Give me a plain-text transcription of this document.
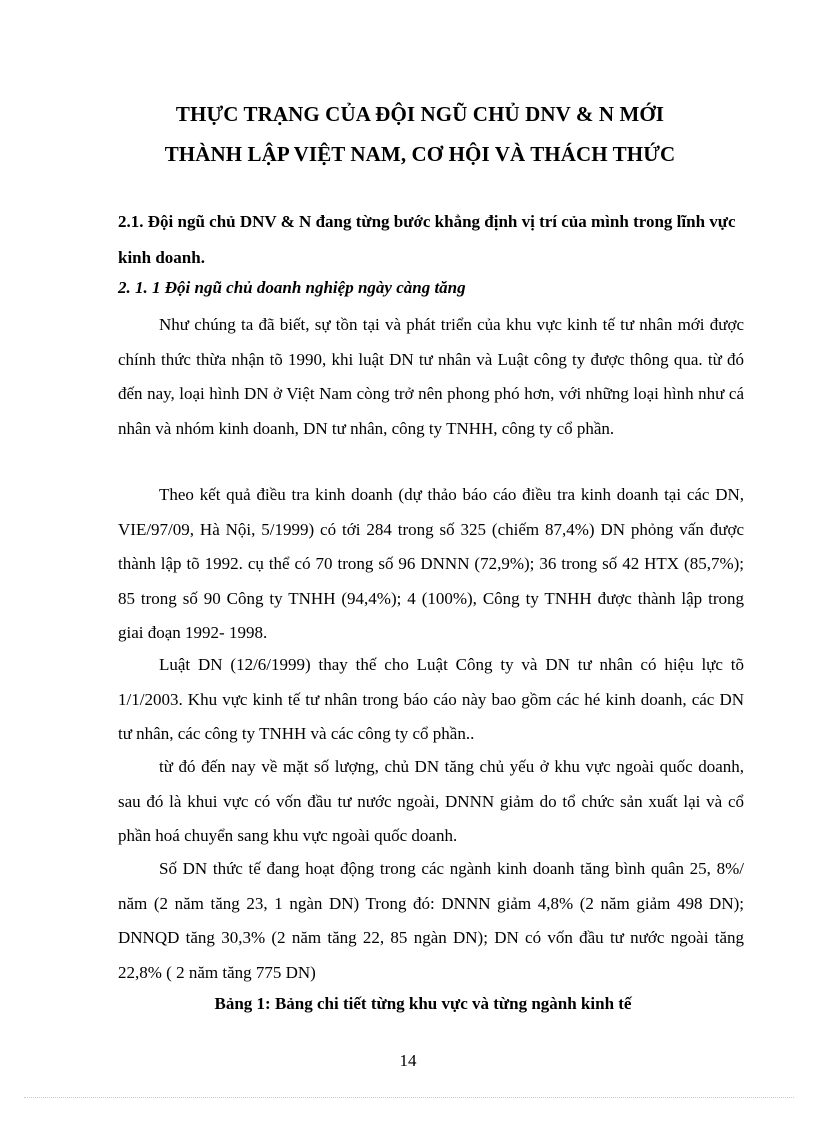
THỰC TRẠNG CỦA ĐỘI NGŨ CHỦ DNV & N MỚI
THÀNH LẬP VIỆT NAM, CƠ HỘI VÀ THÁCH THỨC
2.1. Đội ngũ chủ DNV & N đang từng bước khẳng định vị trí của mình trong lĩnh vực kinh doanh.
2. 1. 1 Đội ngũ chủ doanh nghiệp ngày càng tăng
Như chúng ta đã biết, sự tồn tại và phát triển của khu vực kinh tế tư nhân mới được chính thức thừa nhận tõ 1990, khi luật DN tư nhân và Luật công ty được thông qua. từ đó đến nay, loại hình DN ở Việt Nam còng trở nên phong phó hơn, với những loại hình như cá nhân và nhóm kinh doanh, DN tư nhân, công ty TNHH, công ty cổ phần.
Theo kết quả điều tra kinh doanh (dự thảo báo cáo điều tra kinh doanh tại các DN, VIE/97/09, Hà Nội, 5/1999) có tới 284 trong số 325 (chiếm 87,4%) DN phỏng vấn được thành lập tõ 1992. cụ thể có 70 trong số 96 DNNN (72,9%); 36 trong số 42 HTX (85,7%); 85 trong số 90 Công ty TNHH (94,4%); 4 (100%), Công ty TNHH được thành lập trong giai đoạn 1992- 1998.
Luật DN (12/6/1999) thay thế cho Luật Công ty và DN tư nhân có hiệu lực tõ 1/1/2003. Khu vực kinh tế tư nhân trong báo cáo này bao gồm các hé kinh doanh, các DN tư nhân, các công ty TNHH và các công ty cổ phần..
từ đó đến nay về mặt số lượng, chủ DN tăng chủ yếu ở khu vực ngoài quốc doanh, sau đó là khui vực có vốn đầu tư nước ngoài, DNNN giảm do tổ chức sản xuất lại và cổ phần hoá chuyển sang khu vực ngoài quốc doanh.
Số DN thức tế đang hoạt động trong các ngành kinh doanh tăng bình quân 25, 8%/ năm (2 năm tăng 23, 1 ngàn DN) Trong đó: DNNN giảm 4,8% (2 năm giảm 498 DN); DNNQD tăng 30,3% (2 năm tăng 22, 85 ngàn DN); DN có vốn đầu tư nước ngoài tăng 22,8% ( 2 năm tăng 775 DN)
Bảng 1: Bảng chi tiết từng khu vực và từng ngành kinh tế
14
